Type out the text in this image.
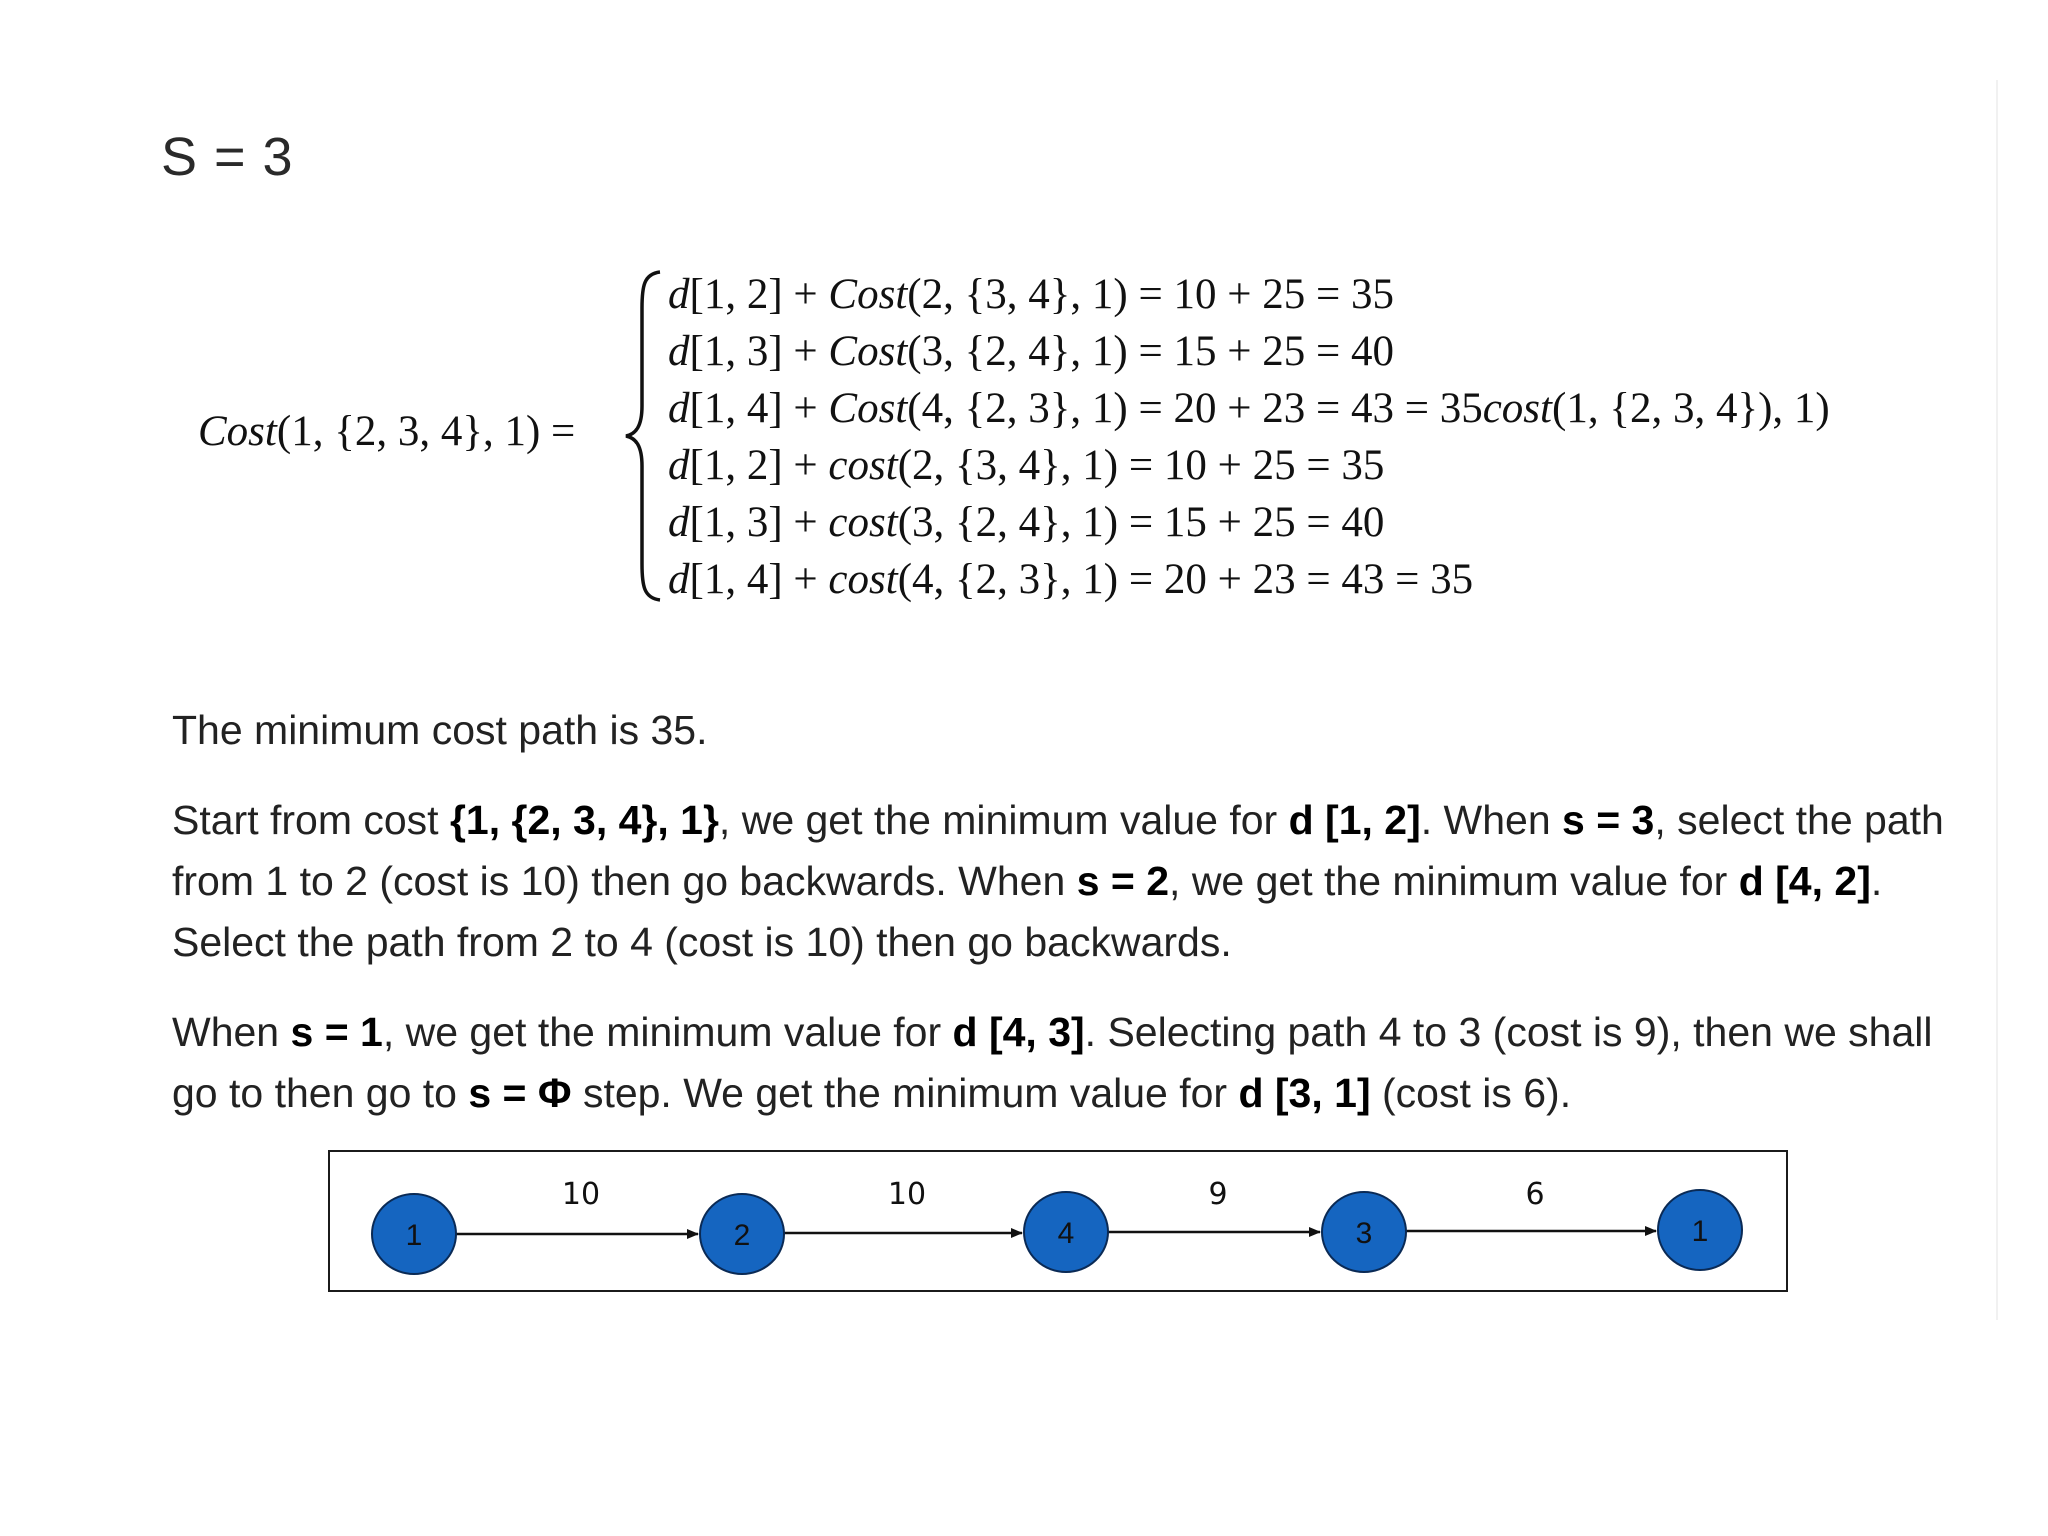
S = 3
Cost(1, {2, 3, 4}, 1) =
d[1, 2] + Cost(2, {3, 4}, 1) = 10 + 25 = 35
d[1, 3] + Cost(3, {2, 4}, 1) = 15 + 25 = 40
d[1, 4] + Cost(4, {2, 3}, 1) = 20 + 23 = 43 = 35cost(1, {2, 3, 4}), 1)
d[1, 2] + cost(2, {3, 4}, 1) = 10 + 25 = 35
d[1, 3] + cost(3, {2, 4}, 1) = 15 + 25 = 40
d[1, 4] + cost(4, {2, 3}, 1) = 20 + 23 = 43 = 35

The minimum cost path is 35.

Start from cost {1, {2, 3, 4}, 1}, we get the minimum value for d [1, 2]. When s = 3, select the path from 1 to 2 (cost is 10) then go backwards. When s = 2, we get the minimum value for d [4, 2]. Select the path from 2 to 4 (cost is 10) then go backwards.

When s = 1, we get the minimum value for d [4, 3]. Selecting path 4 to 3 (cost is 9), then we shall go to then go to s = Φ step. We get the minimum value for d [3, 1] (cost is 6).

10	10	9	6
1	2	4	3	1
